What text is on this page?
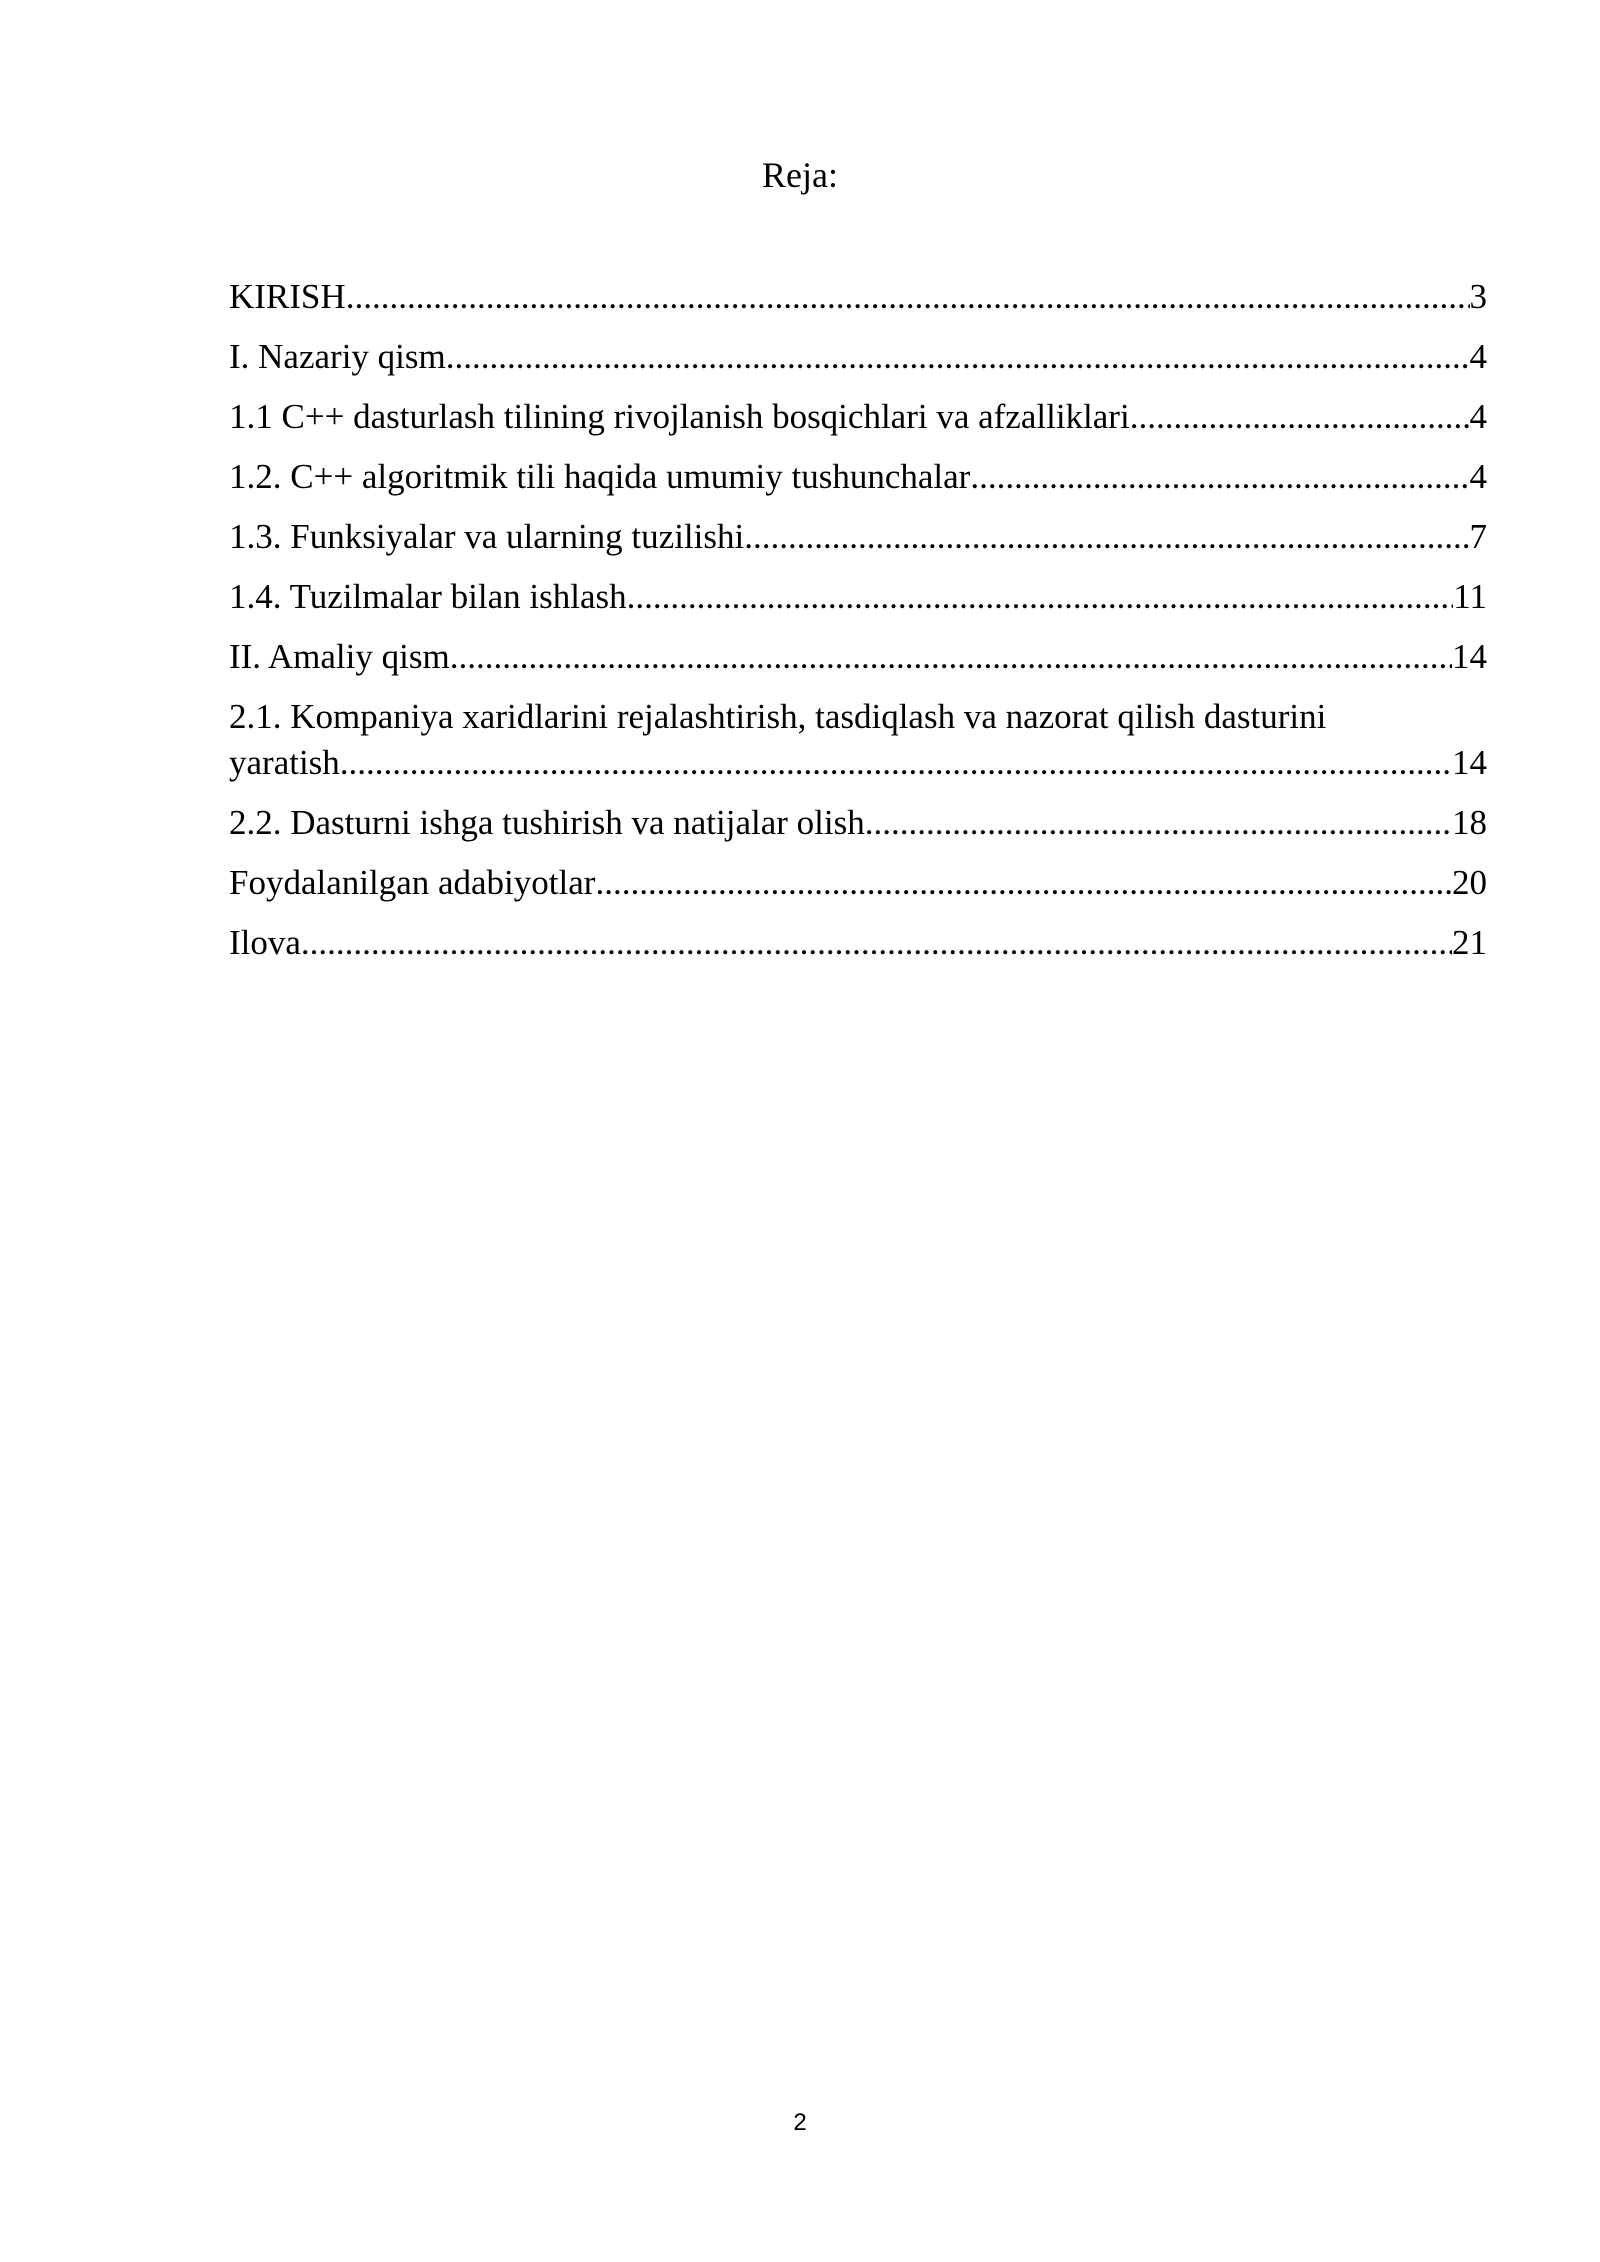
Reja:
KIRISH .....	3
I. Nazariy qism .....	4
1.1 C++ dasturlash tilining rivojlanish bosqichlari va afzalliklari .....	4
1.2. C++ algoritmik tili haqida umumiy tushunchalar .....	4
1.3. Funksiyalar va ularning tuzilishi .....	7
1.4. Tuzilmalar bilan ishlash .....	11
II. Amaliy qism .....	14
2.1. Kompaniya xaridlarini rejalashtirish, tasdiqlash va nazorat qilish dasturini
yaratish .....	14
2.2. Dasturni ishga tushirish va natijalar olish .....	18
Foydalanilgan adabiyotlar .....	20
Ilova .....	21
2
